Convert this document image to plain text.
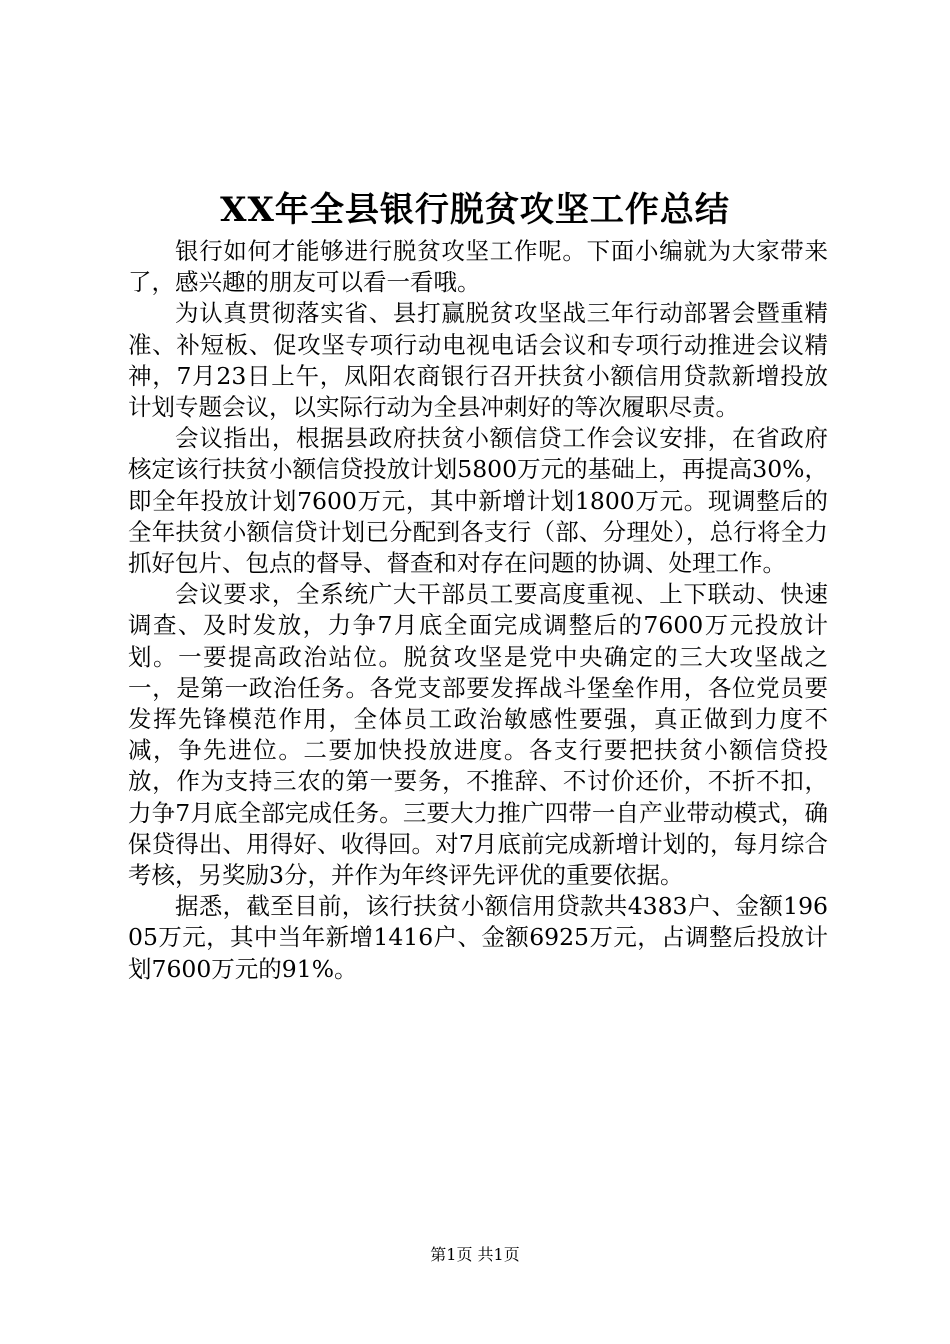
XX年全县银行脱贫攻坚工作总结

银行如何才能够进行脱贫攻坚工作呢。下面小编就为大家带来了，感兴趣的朋友可以看一看哦。

为认真贯彻落实省、县打赢脱贫攻坚战三年行动部署会暨重精准、补短板、促攻坚专项行动电视电话会议和专项行动推进会议精神，7月23日上午，凤阳农商银行召开扶贫小额信用贷款新增投放计划专题会议，以实际行动为全县冲刺好的等次履职尽责。

会议指出，根据县政府扶贫小额信贷工作会议安排，在省政府核定该行扶贫小额信贷投放计划5800万元的基础上，再提高30%，即全年投放计划7600万元，其中新增计划1800万元。现调整后的全年扶贫小额信贷计划已分配到各支行（部、分理处），总行将全力抓好包片、包点的督导、督查和对存在问题的协调、处理工作。

会议要求，全系统广大干部员工要高度重视、上下联动、快速调查、及时发放，力争7月底全面完成调整后的7600万元投放计划。一要提高政治站位。脱贫攻坚是党中央确定的三大攻坚战之一，是第一政治任务。各党支部要发挥战斗堡垒作用，各位党员要发挥先锋模范作用，全体员工政治敏感性要强，真正做到力度不减，争先进位。二要加快投放进度。各支行要把扶贫小额信贷投放，作为支持三农的第一要务，不推辞、不讨价还价，不折不扣，力争7月底全部完成任务。三要大力推广四带一自产业带动模式，确保贷得出、用得好、收得回。对7月底前完成新增计划的，每月综合考核，另奖励3分，并作为年终评先评优的重要依据。

据悉，截至目前，该行扶贫小额信用贷款共4383户、金额19605万元，其中当年新增1416户、金额6925万元，占调整后投放计划7600万元的91%。

第1页 共1页
